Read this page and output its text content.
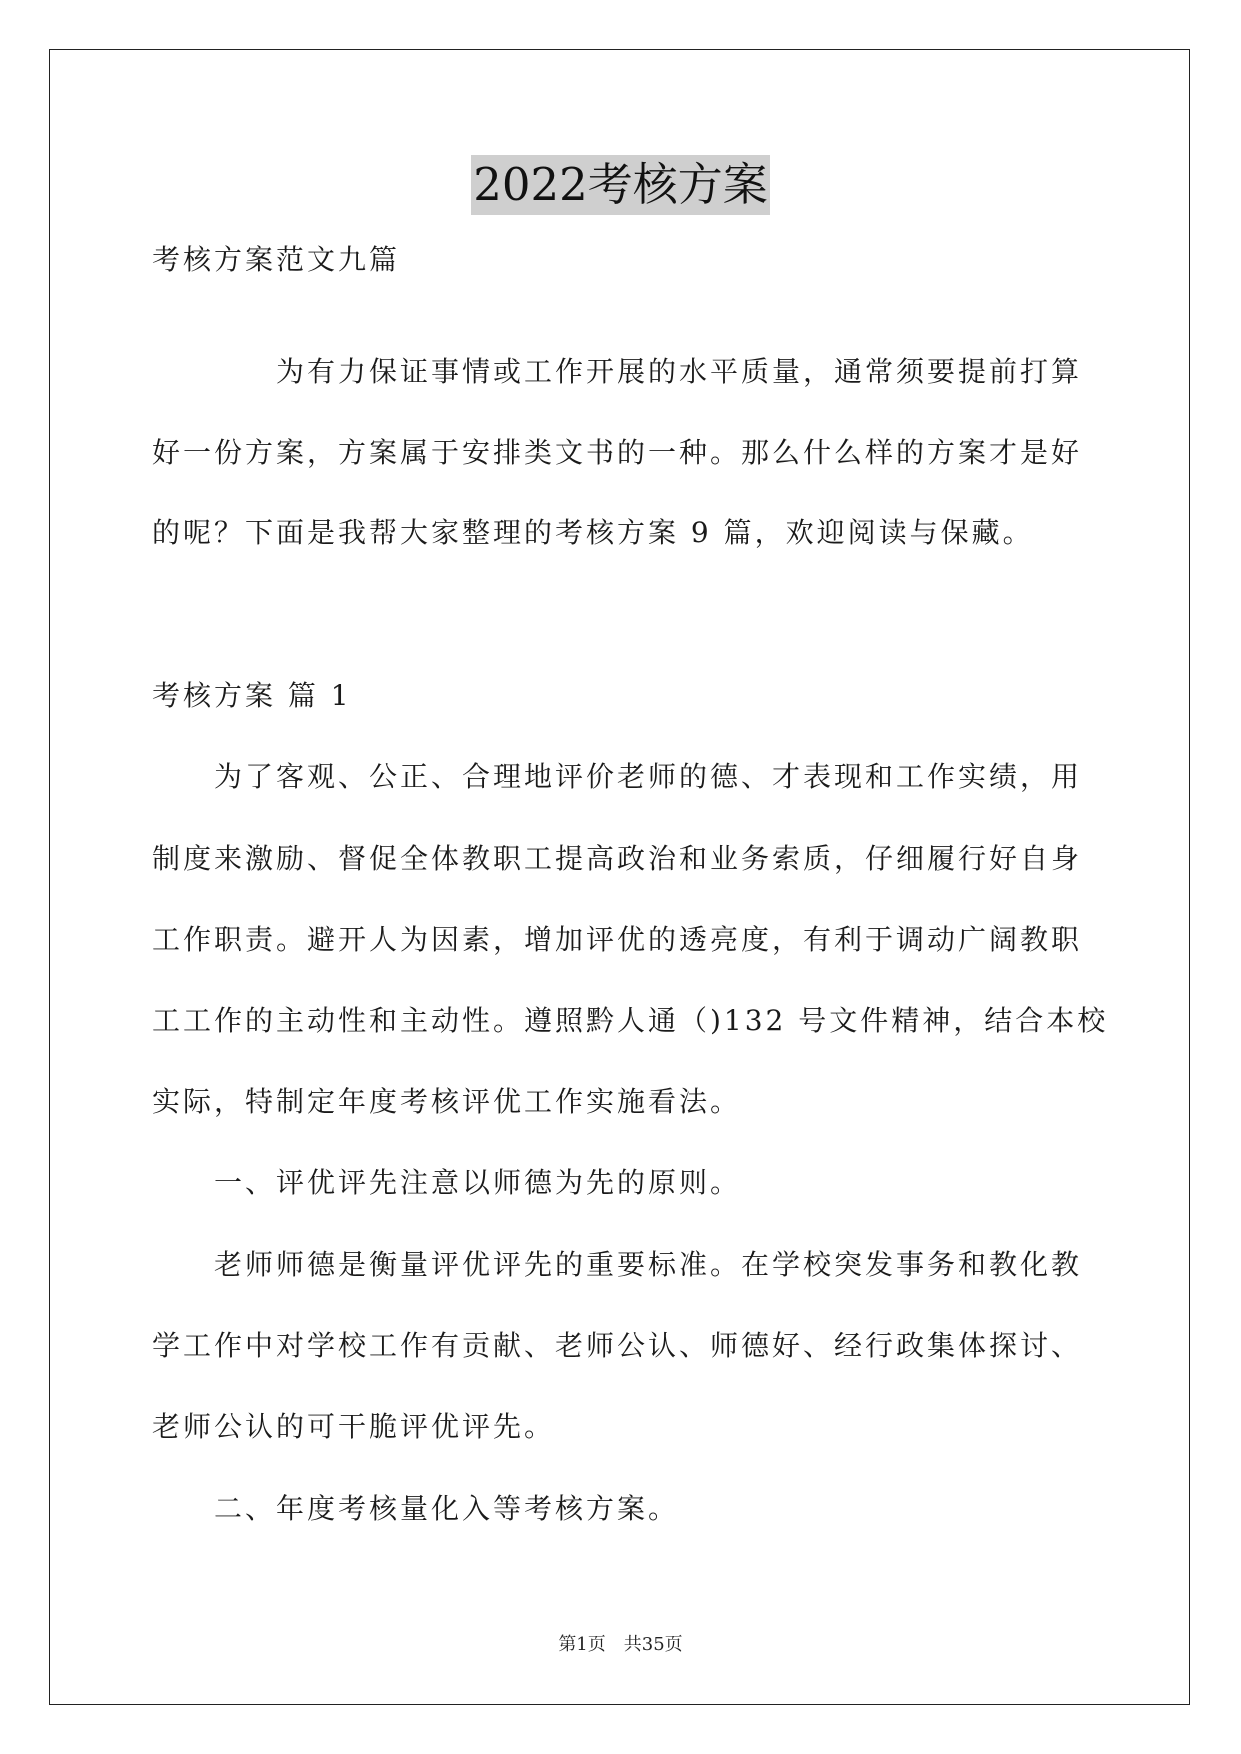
2022考核方案
考核方案范文九篇
为有力保证事情或工作开展的水平质量，通常须要提前打算
好一份方案，方案属于安排类文书的一种。那么什么样的方案才是好
的呢？下面是我帮大家整理的考核方案 9 篇，欢迎阅读与保藏。
考核方案 篇 1
为了客观、公正、合理地评价老师的德、才表现和工作实绩，用
制度来激励、督促全体教职工提高政治和业务索质，仔细履行好自身
工作职责。避开人为因素，增加评优的透亮度，有利于调动广阔教职
工工作的主动性和主动性。遵照黔人通（)132 号文件精神，结合本校
实际，特制定年度考核评优工作实施看法。
一、评优评先注意以师德为先的原则。
老师师德是衡量评优评先的重要标准。在学校突发事务和教化教
学工作中对学校工作有贡献、老师公认、师德好、经行政集体探讨、
老师公认的可干脆评优评先。
二、年度考核量化入等考核方案。
第1页 共35页
